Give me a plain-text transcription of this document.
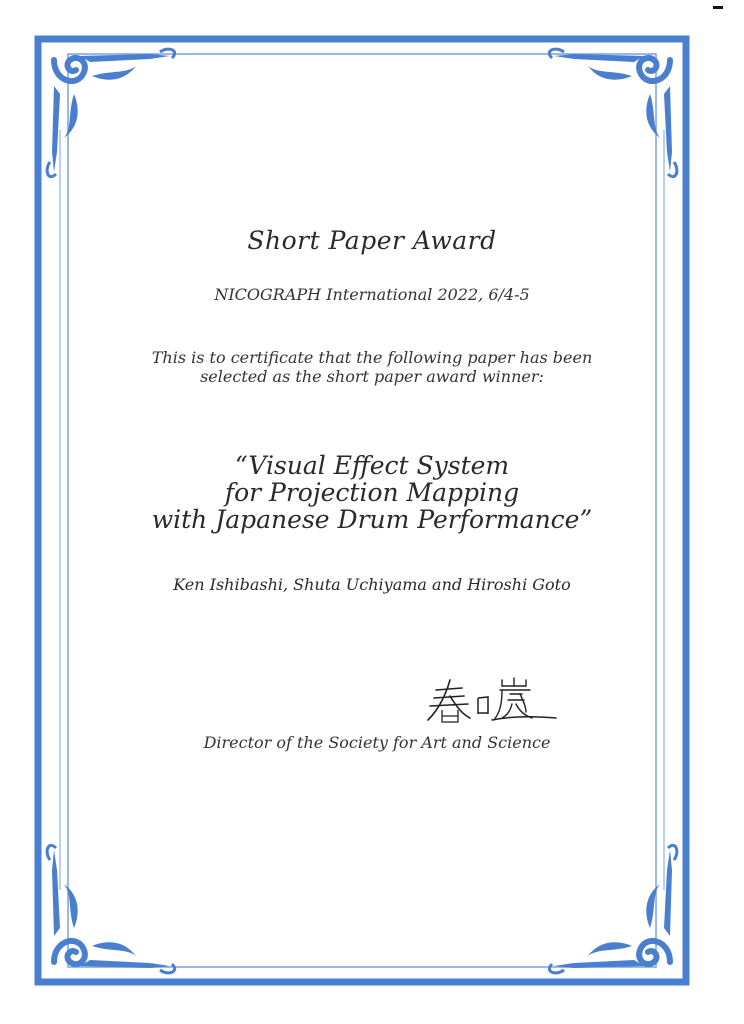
Short Paper Award
NICOGRAPH International 2022, 6/4-5
This is to certificate that the following paper has been
selected as the short paper award winner:
“Visual Effect System
for Projection Mapping
with Japanese Drum Performance”
Ken Ishibashi, Shuta Uchiyama and Hiroshi Goto
Director of the Society for Art and Science
